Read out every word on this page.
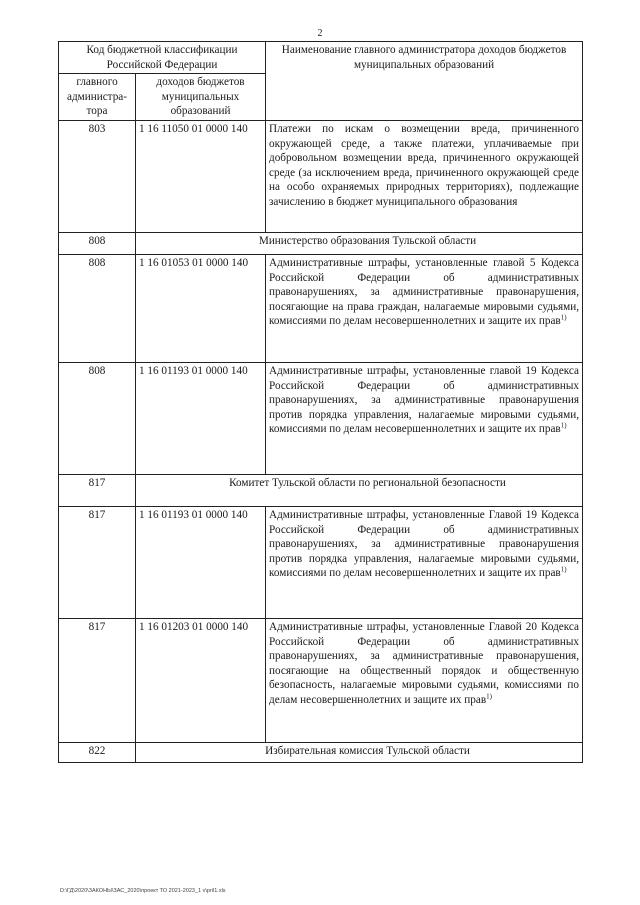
2
Код бюджетной классификации Российской Федерации		Наименование главного администратора доходов бюджетов муниципальных образований
главного администра-тора	доходов бюджетов муниципальных образований	
803	1 16 11050 01 0000 140	Платежи по искам о возмещении вреда, причиненного окружающей среде, а также платежи, уплачиваемые при добровольном возмещении вреда, причиненного окружающей среде (за исключением вреда, причиненного окружающей среде на особо охраняемых природных территориях), подлежащие зачислению в бюджет муниципального образования
808	Министерство образования Тульской области	
808	1 16 01053 01 0000 140	Административные штрафы, установленные главой 5 Кодекса Российской Федерации об административных правонарушениях, за административные правонарушения, посягающие на права граждан, налагаемые мировыми судьями, комиссиями по делам несовершеннолетних и защите их прав$^{1)}$
808	1 16 01193 01 0000 140	Административные штрафы, установленные главой 19 Кодекса Российской Федерации об административных правонарушениях, за административные правонарушения против порядка управления, налагаемые мировыми судьями, комиссиями по делам несовершеннолетних и защите их прав$^{1)}$
817	Комитет Тульской области по региональной безопасности	
817	1 16 01193 01 0000 140	Административные штрафы, установленные Главой 19 Кодекса Российской Федерации об административных правонарушениях, за административные правонарушения против порядка управления, налагаемые мировыми судьями, комиссиями по делам несовершеннолетних и защите их прав$^{1)}$
817	1 16 01203 01 0000 140	Административные штрафы, установленные Главой 20 Кодекса Российской Федерации об административных правонарушениях, за административные правонарушения, посягающие на общественный порядок и общественную безопасность, налагаемые мировыми судьями, комиссиями по делам несовершеннолетних и защите их прав$^{1)}$
822	Избирательная комиссия Тульской области	
D:\ГД\2020\ЗАКОНЫ\ЗАС_2020\проект ТО 2021-2023_1 v\pril1.xls
